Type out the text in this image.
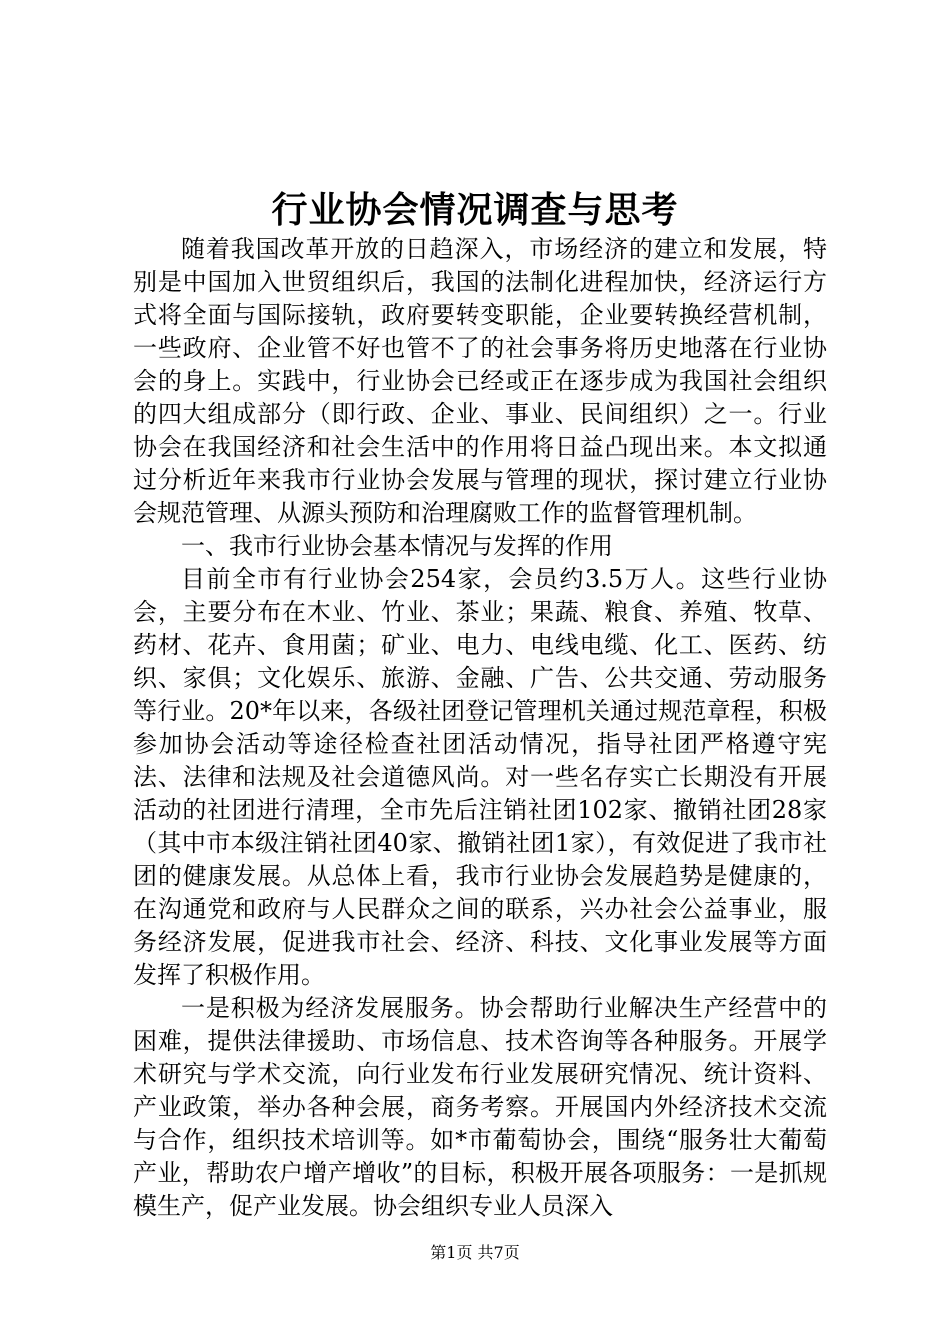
行业协会情况调查与思考

随着我国改革开放的日趋深入，市场经济的建立和发展，特别是中国加入世贸组织后，我国的法制化进程加快，经济运行方式将全面与国际接轨，政府要转变职能，企业要转换经营机制，一些政府、企业管不好也管不了的社会事务将历史地落在行业协会的身上。实践中，行业协会已经或正在逐步成为我国社会组织的四大组成部分（即行政、企业、事业、民间组织）之一。行业协会在我国经济和社会生活中的作用将日益凸现出来。本文拟通过分析近年来我市行业协会发展与管理的现状，探讨建立行业协会规范管理、从源头预防和治理腐败工作的监督管理机制。

一、我市行业协会基本情况与发挥的作用

目前全市有行业协会254家，会员约3.5万人。这些行业协会，主要分布在木业、竹业、茶业；果蔬、粮食、养殖、牧草、药材、花卉、食用菌；矿业、电力、电线电缆、化工、医药、纺织、家俱；文化娱乐、旅游、金融、广告、公共交通、劳动服务等行业。20*年以来，各级社团登记管理机关通过规范章程，积极参加协会活动等途径检查社团活动情况，指导社团严格遵守宪法、法律和法规及社会道德风尚。对一些名存实亡长期没有开展活动的社团进行清理，全市先后注销社团102家、撤销社团28家（其中市本级注销社团40家、撤销社团1家），有效促进了我市社团的健康发展。从总体上看，我市行业协会发展趋势是健康的，在沟通党和政府与人民群众之间的联系，兴办社会公益事业，服务经济发展，促进我市社会、经济、科技、文化事业发展等方面发挥了积极作用。

一是积极为经济发展服务。协会帮助行业解决生产经营中的困难，提供法律援助、市场信息、技术咨询等各种服务。开展学术研究与学术交流，向行业发布行业发展研究情况、统计资料、产业政策，举办各种会展，商务考察。开展国内外经济技术交流与合作，组织技术培训等。如*市葡萄协会，围绕“服务壮大葡萄产业，帮助农户增产增收”的目标，积极开展各项服务：一是抓规模生产，促产业发展。协会组织专业人员深入

第1页 共7页
